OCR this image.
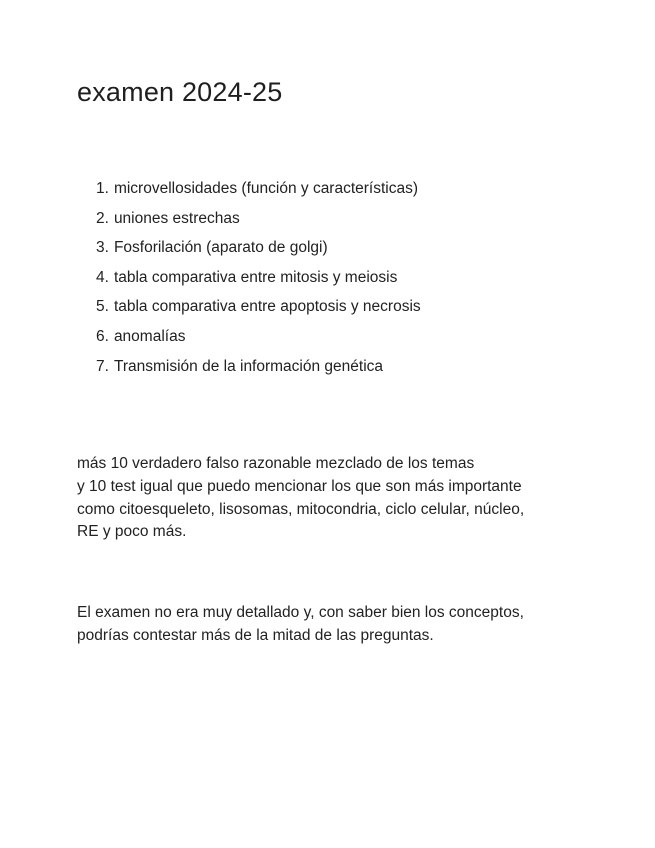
examen 2024-25
1. microvellosidades (función y características)
2. uniones estrechas
3. Fosforilación (aparato de golgi)
4. tabla comparativa entre mitosis y meiosis
5. tabla comparativa entre apoptosis y necrosis
6. anomalías
7. Transmisión de la información genética

más 10 verdadero falso razonable mezclado de los temas
y 10 test igual que puedo mencionar los que son más importante
como citoesqueleto, lisosomas, mitocondria, ciclo celular, núcleo,
RE y poco más.

El examen no era muy detallado y, con saber bien los conceptos,
podrías contestar más de la mitad de las preguntas.
